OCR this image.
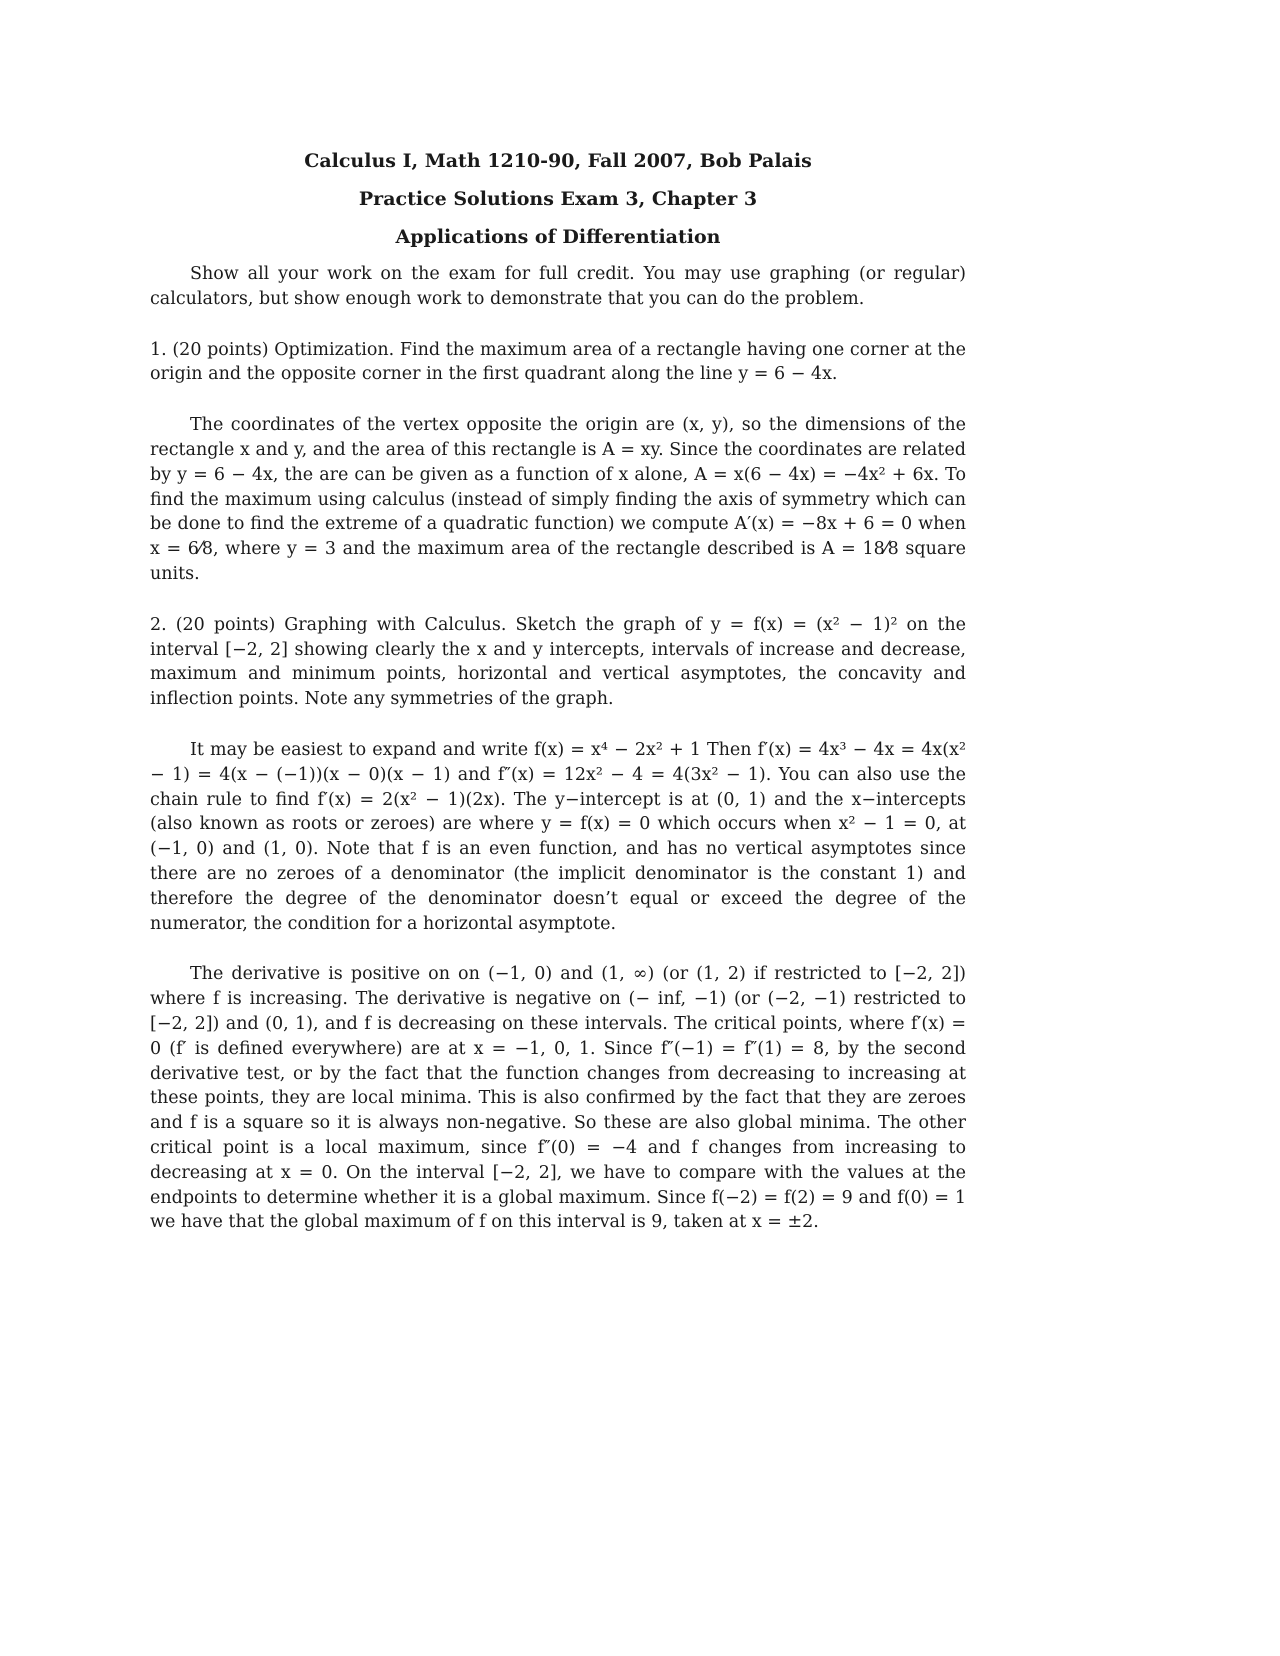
Calculus I, Math 1210-90, Fall 2007, Bob Palais
Practice Solutions Exam 3, Chapter 3
Applications of Differentiation

Show all your work on the exam for full credit. You may use graphing (or regular) calculators, but show enough work to demonstrate that you can do the problem.

1. (20 points) Optimization. Find the maximum area of a rectangle having one corner at the origin and the opposite corner in the first quadrant along the line y = 6 − 4x.

The coordinates of the vertex opposite the origin are (x, y), so the dimensions of the rectangle x and y, and the area of this rectangle is A = xy. Since the coordinates are related by y = 6 − 4x, the are can be given as a function of x alone, A = x(6 − 4x) = −4x² + 6x. To find the maximum using calculus (instead of simply finding the axis of symmetry which can be done to find the extreme of a quadratic function) we compute A′(x) = −8x + 6 = 0 when x = 6⁄8, where y = 3 and the maximum area of the rectangle described is A = 18⁄8 square units.

2. (20 points) Graphing with Calculus. Sketch the graph of y = f(x) = (x² − 1)² on the interval [−2, 2] showing clearly the x and y intercepts, intervals of increase and decrease, maximum and minimum points, horizontal and vertical asymptotes, the concavity and inflection points. Note any symmetries of the graph.

It may be easiest to expand and write f(x) = x⁴ − 2x² + 1 Then f′(x) = 4x³ − 4x = 4x(x² − 1) = 4(x − (−1))(x − 0)(x − 1) and f″(x) = 12x² − 4 = 4(3x² − 1). You can also use the chain rule to find f′(x) = 2(x² − 1)(2x). The y−intercept is at (0, 1) and the x−intercepts (also known as roots or zeroes) are where y = f(x) = 0 which occurs when x² − 1 = 0, at (−1, 0) and (1, 0). Note that f is an even function, and has no vertical asymptotes since there are no zeroes of a denominator (the implicit denominator is the constant 1) and therefore the degree of the denominator doesn’t equal or exceed the degree of the numerator, the condition for a horizontal asymptote.

The derivative is positive on on (−1, 0) and (1, ∞) (or (1, 2) if restricted to [−2, 2]) where f is increasing. The derivative is negative on (− inf, −1) (or (−2, −1) restricted to [−2, 2]) and (0, 1), and f is decreasing on these intervals. The critical points, where f′(x) = 0 (f′ is defined everywhere) are at x = −1, 0, 1. Since f″(−1) = f″(1) = 8, by the second derivative test, or by the fact that the function changes from decreasing to increasing at these points, they are local minima. This is also confirmed by the fact that they are zeroes and f is a square so it is always non-negative. So these are also global minima. The other critical point is a local maximum, since f″(0) = −4 and f changes from increasing to decreasing at x = 0. On the interval [−2, 2], we have to compare with the values at the endpoints to determine whether it is a global maximum. Since f(−2) = f(2) = 9 and f(0) = 1 we have that the global maximum of f on this interval is 9, taken at x = ±2.
